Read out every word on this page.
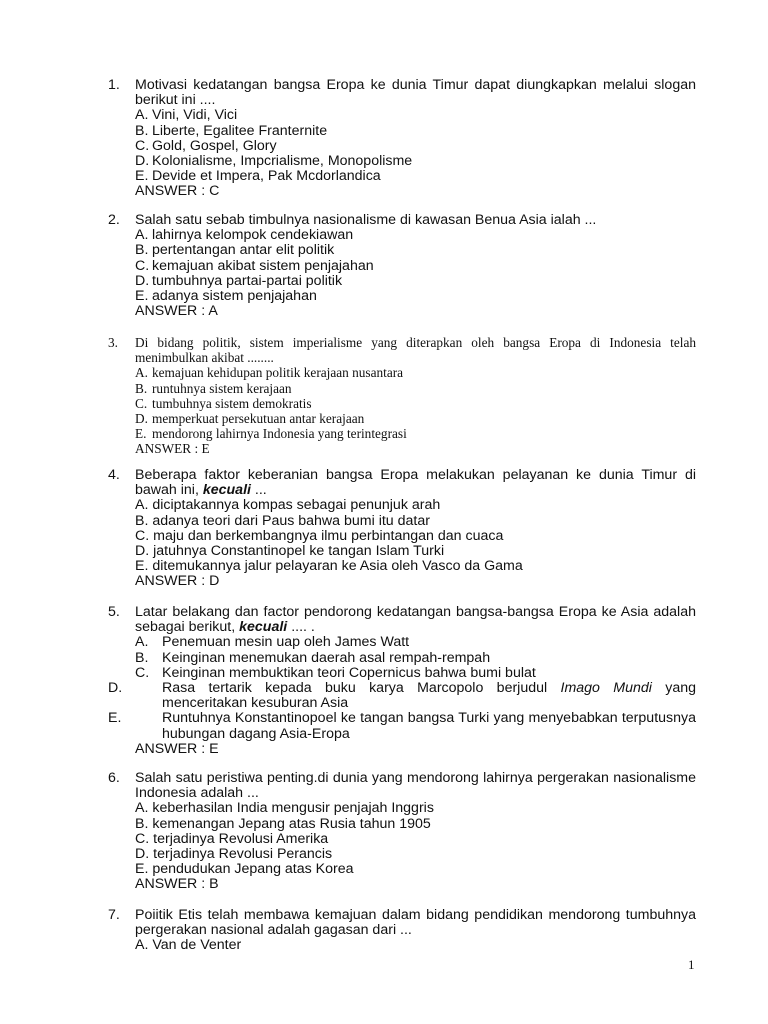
1. Motivasi kedatangan bangsa Eropa ke dunia Timur dapat diungkapkan melalui slogan berikut ini ....
A. Vini, Vidi, Vici
B. Liberte, Egalitee Franternite
C. Gold, Gospel, Glory
D. Kolonialisme, Impcrialisme, Monopolisme
E. Devide et Impera, Pak Mcdorlandica
ANSWER : C
2. Salah satu sebab timbulnya nasionalisme di kawasan Benua Asia ialah ...
A. lahirnya kelompok cendekiawan
B. pertentangan antar elit politik
C. kemajuan akibat sistem penjajahan
D. tumbuhnya partai-partai politik
E. adanya sistem penjajahan
ANSWER : A
3. Di bidang politik, sistem imperialisme yang diterapkan oleh bangsa Eropa di Indonesia telah menimbulkan akibat ........
A. kemajuan kehidupan politik kerajaan nusantara
B. runtuhnya sistem kerajaan
C. tumbuhnya sistem demokratis
D. memperkuat persekutuan antar kerajaan
E. mendorong lahirnya Indonesia yang terintegrasi
ANSWER : E
4. Beberapa faktor keberanian bangsa Eropa melakukan pelayanan ke dunia Timur di bawah ini, kecuali ...
A. diciptakannya kompas sebagai penunjuk arah
B. adanya teori dari Paus bahwa bumi itu datar
C. maju dan berkembangnya ilmu perbintangan dan cuaca
D. jatuhnya Constantinopel ke tangan Islam Turki
E. ditemukannya jalur pelayaran ke Asia oleh Vasco da Gama
ANSWER : D
5. Latar belakang dan factor pendorong kedatangan bangsa-bangsa Eropa ke Asia adalah sebagai berikut, kecuali .... .
A. Penemuan mesin uap oleh James Watt
B. Keinginan menemukan daerah asal rempah-rempah
C. Keinginan membuktikan teori Copernicus bahwa bumi bulat
D.	Rasa tertarik kepada buku karya Marcopolo berjudul Imago Mundi yang menceritakan kesuburan Asia
E.	Runtuhnya Konstantinopoel ke tangan bangsa Turki yang menyebabkan terputusnya hubungan dagang Asia-Eropa
ANSWER : E
6. Salah satu peristiwa penting.di dunia yang mendorong lahirnya pergerakan nasionalisme Indonesia adalah ...
A. keberhasilan India mengusir penjajah Inggris
B. kemenangan Jepang atas Rusia tahun 1905
C. terjadinya Revolusi Amerika
D. terjadinya Revolusi Perancis
E. pendudukan Jepang atas Korea
ANSWER : B
7. Poiitik Etis telah membawa kemajuan dalam bidang pendidikan mendorong tumbuhnya pergerakan nasional adalah gagasan dari ...
A. Van de Venter
1
